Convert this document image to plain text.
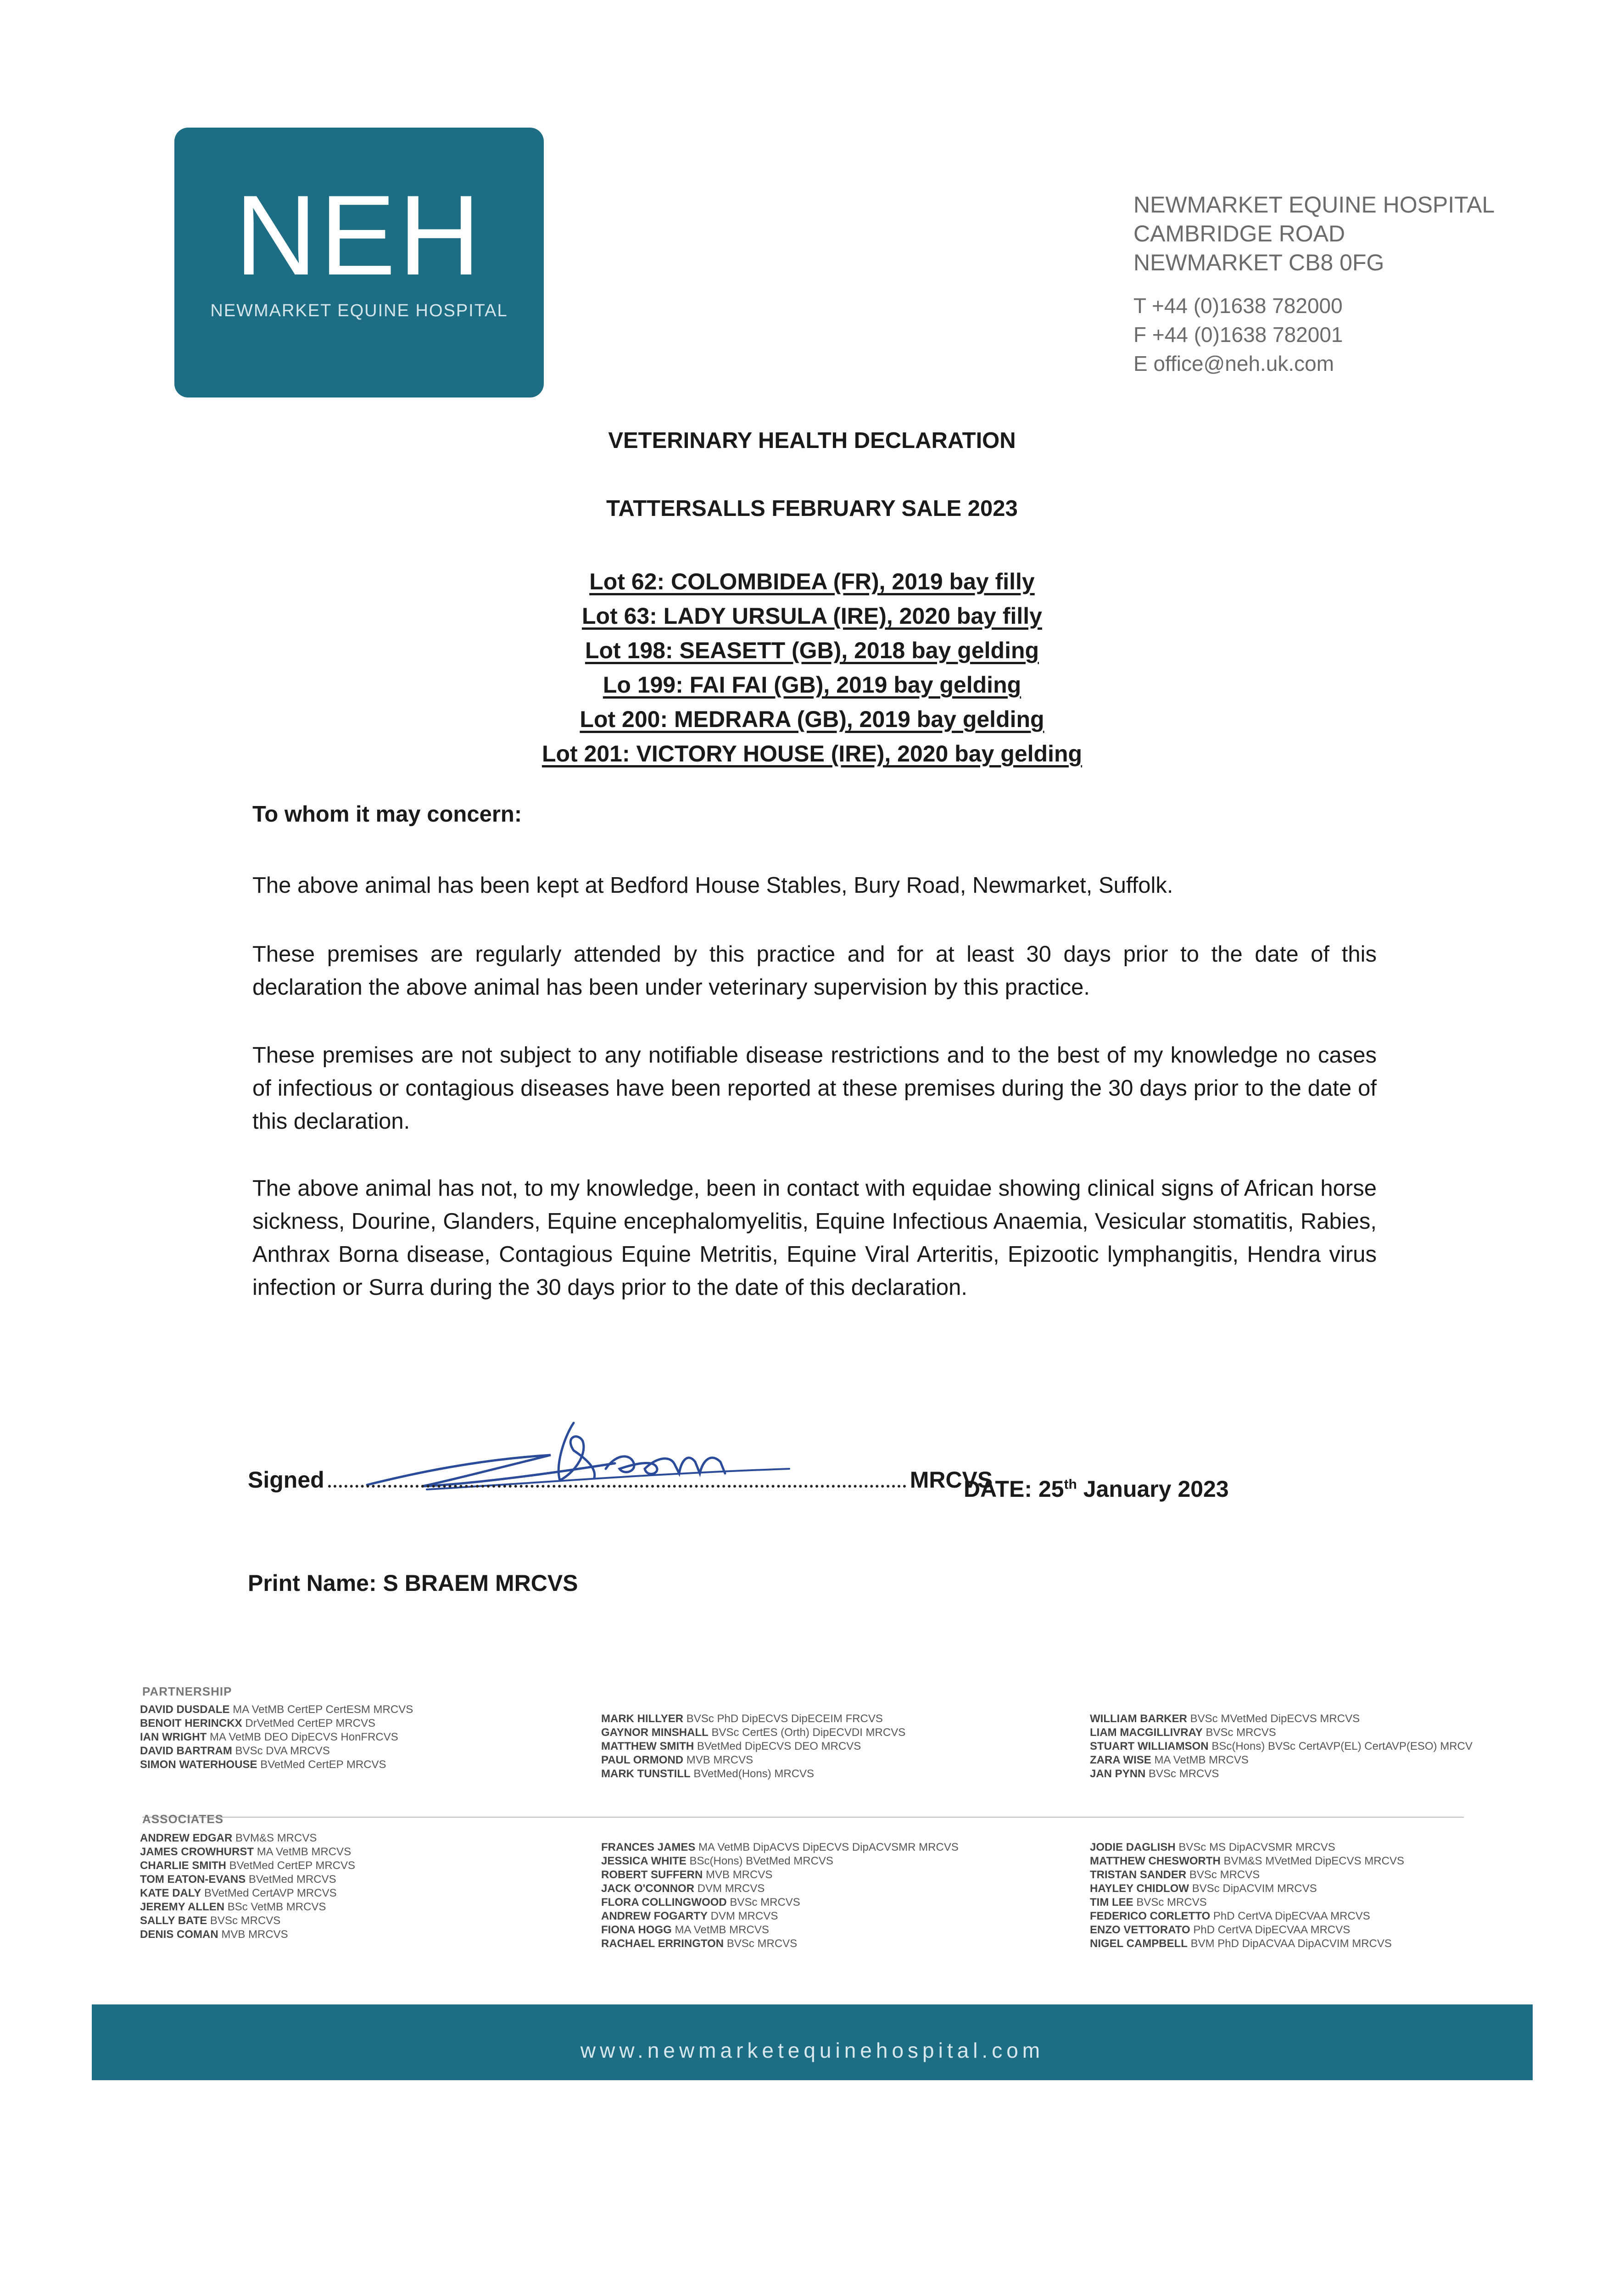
NEH
NEWMARKET EQUINE HOSPITAL
NEWMARKET EQUINE HOSPITAL
CAMBRIDGE ROAD
NEWMARKET CB8 0FG
T +44 (0)1638 782000
F +44 (0)1638 782001
E office@neh.uk.com
VETERINARY HEALTH DECLARATION
TATTERSALLS FEBRUARY SALE 2023
Lot 62: COLOMBIDEA (FR), 2019 bay filly
Lot 63: LADY URSULA (IRE), 2020 bay filly
Lot 198: SEASETT (GB), 2018 bay gelding
Lo 199: FAI FAI (GB), 2019 bay gelding
Lot 200: MEDRARA (GB), 2019 bay gelding
Lot 201: VICTORY HOUSE (IRE), 2020 bay gelding
To whom it may concern:
The above animal has been kept at Bedford House Stables, Bury Road, Newmarket, Suffolk.
These premises are regularly attended by this practice and for at least 30 days prior to the date of this declaration the above animal has been under veterinary supervision by this practice.
These premises are not subject to any notifiable disease restrictions and to the best of my knowledge no cases of infectious or contagious diseases have been reported at these premises during the 30 days prior to the date of this declaration.
The above animal has not, to my knowledge, been in contact with equidae showing clinical signs of African horse sickness, Dourine, Glanders, Equine encephalomyelitis, Equine Infectious Anaemia, Vesicular stomatitis, Rabies, Anthrax Borna disease, Contagious Equine Metritis, Equine Viral Arteritis, Epizootic lymphangitis, Hendra virus infection or Surra during the 30 days prior to the date of this declaration.
Signed	MRCVS
DATE: 25th January 2023
Print Name: S BRAEM MRCVS
PARTNERSHIP
ASSOCIATES
DAVID DUSDALE MA VetMB CertEP CertESM MRCVS
BENOIT HERINCKX DrVetMed CertEP MRCVS
IAN WRIGHT MA VetMB DEO DipECVS HonFRCVS
DAVID BARTRAM BVSc DVA MRCVS
SIMON WATERHOUSE BVetMed CertEP MRCVS
MARK HILLYER BVSc PhD DipECVS DipECEIM FRCVS
GAYNOR MINSHALL BVSc CertES (Orth) DipECVDI MRCVS
MATTHEW SMITH BVetMed DipECVS DEO MRCVS
PAUL ORMOND MVB MRCVS
MARK TUNSTILL BVetMed(Hons) MRCVS
WILLIAM BARKER BVSc MVetMed DipECVS MRCVS
LIAM MACGILLIVRAY BVSc MRCVS
STUART WILLIAMSON BSc(Hons) BVSc CertAVP(EL) CertAVP(ESO) MRCV
ZARA WISE MA VetMB MRCVS
JAN PYNN BVSc MRCVS
ANDREW EDGAR BVM&S MRCVS
JAMES CROWHURST MA VetMB MRCVS
CHARLIE SMITH BVetMed CertEP MRCVS
TOM EATON-EVANS BVetMed MRCVS
KATE DALY BVetMed CertAVP MRCVS
JEREMY ALLEN BSc VetMB MRCVS
SALLY BATE BVSc MRCVS
DENIS COMAN MVB MRCVS
FRANCES JAMES MA VetMB DipACVS DipECVS DipACVSMR MRCVS
JESSICA WHITE BSc(Hons) BVetMed MRCVS
ROBERT SUFFERN MVB MRCVS
JACK O'CONNOR DVM MRCVS
FLORA COLLINGWOOD BVSc MRCVS
ANDREW FOGARTY DVM MRCVS
FIONA HOGG MA VetMB MRCVS
RACHAEL ERRINGTON BVSc MRCVS
JODIE DAGLISH BVSc MS DipACVSMR MRCVS
MATTHEW CHESWORTH BVM&S MVetMed DipECVS MRCVS
TRISTAN SANDER BVSc MRCVS
HAYLEY CHIDLOW BVSc DipACVIM MRCVS
TIM LEE BVSc MRCVS
FEDERICO CORLETTO PhD CertVA DipECVAA MRCVS
ENZO VETTORATO PhD CertVA DipECVAA MRCVS
NIGEL CAMPBELL BVM PhD DipACVAA DipACVIM MRCVS
www.newmarketequinehospital.com
